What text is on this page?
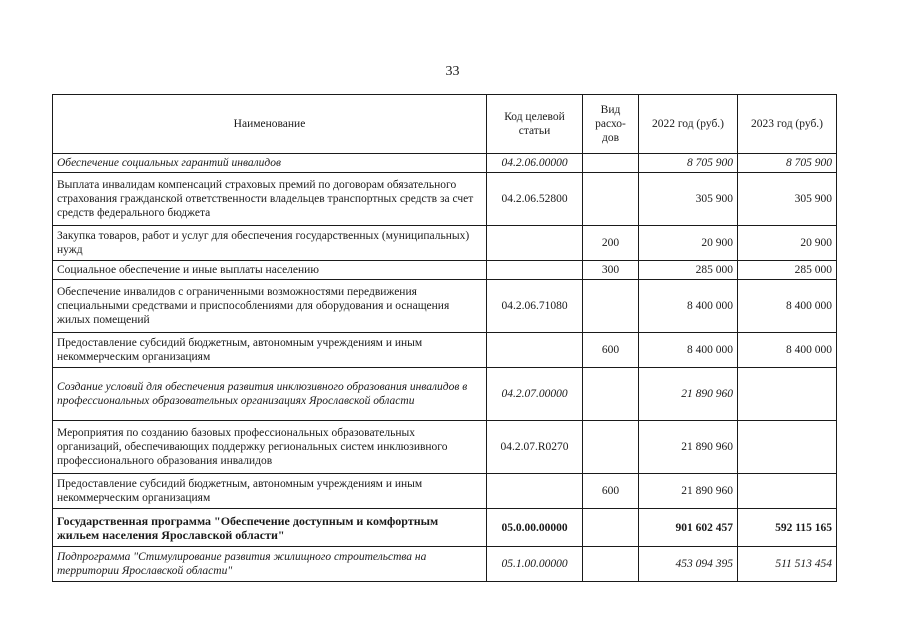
33
Наименование	Код целевой статьи	Вид расхо-дов	2022 год (руб.)	2023 год (руб.)
Обеспечение социальных гарантий инвалидов	04.2.06.00000		8 705 900	8 705 900
Выплата инвалидам компенсаций страховых премий по договорам обязательного страхования гражданской ответственности владельцев транспортных средств за счет средств федерального бюджета	04.2.06.52800		305 900	305 900
Закупка товаров, работ и услуг для обеспечения государственных (муниципальных) нужд		200	20 900	20 900
Социальное обеспечение и иные выплаты населению		300	285 000	285 000
Обеспечение инвалидов с ограниченными возможностями передвижения специальными средствами и приспособлениями для оборудования и оснащения жилых помещений	04.2.06.71080		8 400 000	8 400 000
Предоставление субсидий бюджетным, автономным учреждениям и иным некоммерческим организациям		600	8 400 000	8 400 000
Создание условий для обеспечения развития инклюзивного образования инвалидов в профессиональных образовательных организациях Ярославской области	04.2.07.00000		21 890 960	
Мероприятия по созданию базовых профессиональных образовательных организаций, обеспечивающих поддержку региональных систем инклюзивного профессионального образования инвалидов	04.2.07.R0270		21 890 960	
Предоставление субсидий бюджетным, автономным учреждениям и иным некоммерческим организациям		600	21 890 960	
Государственная программа "Обеспечение доступным и комфортным жильем населения Ярославской области"	05.0.00.00000		901 602 457	592 115 165
Подпрограмма "Стимулирование развития жилищного строительства на территории Ярославской области"	05.1.00.00000		453 094 395	511 513 454
